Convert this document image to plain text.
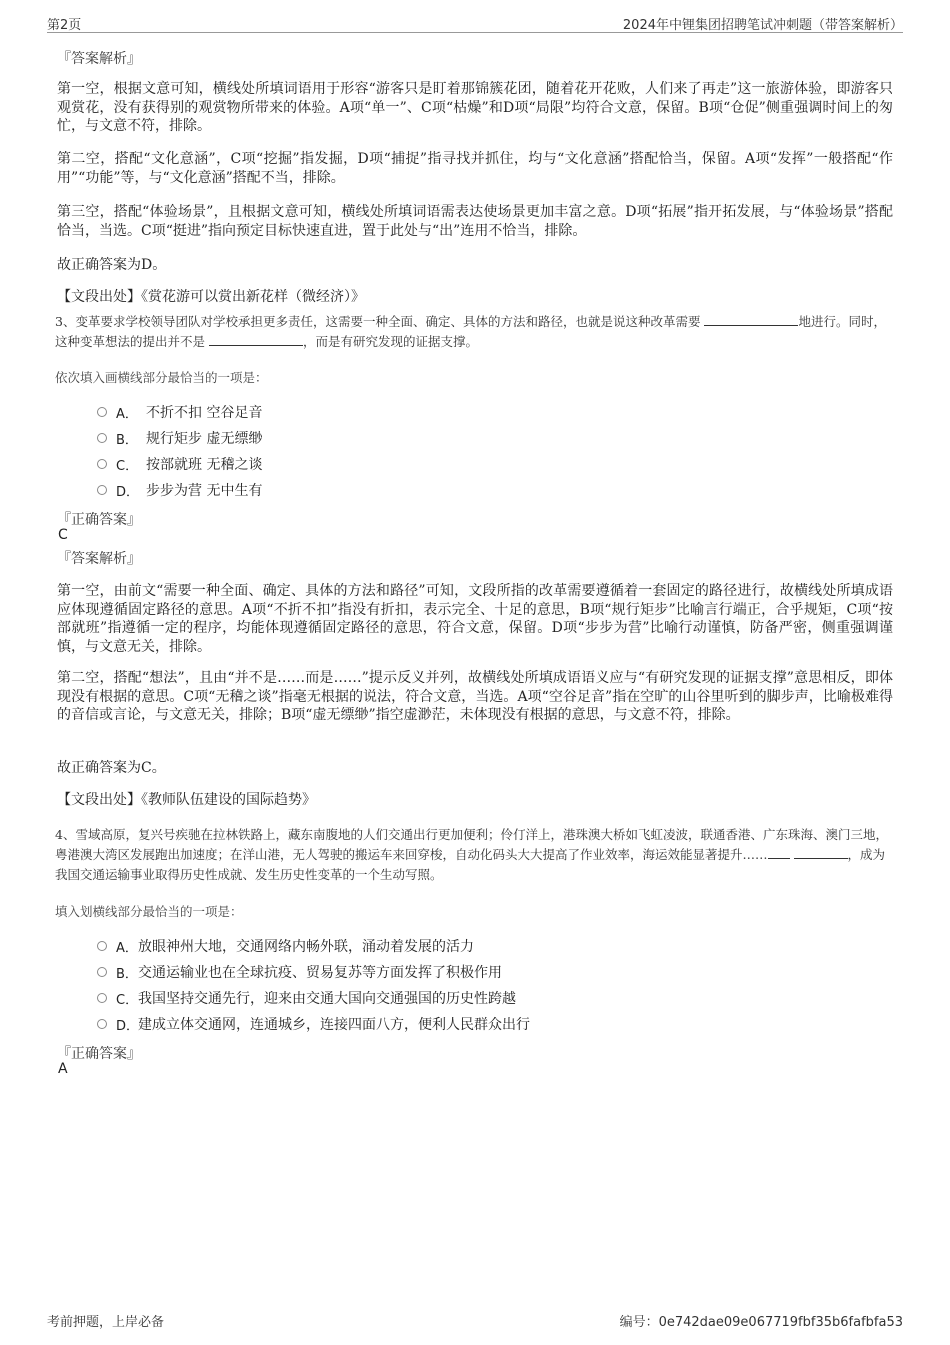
第2页	2024年中锂集团招聘笔试冲刺题（带答案解析）
『答案解析』
第一空，根据文意可知，横线处所填词语用于形容“游客只是盯着那锦簇花团，随着花开花败，人们来了再走”这一旅游体验，即游客只观赏花，没有获得别的观赏物所带来的体验。A项“单一”、C项“枯燥”和D项“局限”均符合文意，保留。B项“仓促”侧重强调时间上的匆忙，与文意不符，排除。
第二空，搭配“文化意涵”，C项“挖掘”指发掘，D项“捕捉”指寻找并抓住，均与“文化意涵”搭配恰当，保留。A项“发挥”一般搭配“作用”“功能”等，与“文化意涵”搭配不当，排除。
第三空，搭配“体验场景”，且根据文意可知，横线处所填词语需表达使场景更加丰富之意。D项“拓展”指开拓发展，与“体验场景”搭配恰当，当选。C项“挺进”指向预定目标快速直进，置于此处与“出”连用不恰当，排除。
故正确答案为D。
【文段出处】《赏花游可以赏出新花样（微经济）》
3、变革要求学校领导团队对学校承担更多责任，这需要一种全面、确定、具体的方法和路径，也就是说这种改革需要	地进行。同时，这种变革想法的提出并不是	，而是有研究发现的证据支撑。
依次填入画横线部分最恰当的一项是：
A． 不折不扣 空谷足音
B． 规行矩步 虚无缥缈
C． 按部就班 无稽之谈
D． 步步为营 无中生有
『正确答案』
C
『答案解析』
第一空，由前文“需要一种全面、确定、具体的方法和路径”可知，文段所指的改革需要遵循着一套固定的路径进行，故横线处所填成语应体现遵循固定路径的意思。A项“不折不扣”指没有折扣，表示完全、十足的意思，B项“规行矩步”比喻言行端正，合乎规矩，C项“按部就班”指遵循一定的程序，均能体现遵循固定路径的意思，符合文意，保留。D项“步步为营”比喻行动谨慎，防备严密，侧重强调谨慎，与文意无关，排除。
第二空，搭配“想法”，且由“并不是……而是……”提示反义并列，故横线处所填成语语义应与“有研究发现的证据支撑”意思相反，即体现没有根据的意思。C项“无稽之谈”指毫无根据的说法，符合文意，当选。A项“空谷足音”指在空旷的山谷里听到的脚步声，比喻极难得的音信或言论，与文意无关，排除；B项“虚无缥缈”指空虚渺茫，未体现没有根据的意思，与文意不符，排除。
故正确答案为C。
【文段出处】《教师队伍建设的国际趋势》
4、雪域高原，复兴号疾驰在拉林铁路上，藏东南腹地的人们交通出行更加便利；伶仃洋上，港珠澳大桥如飞虹凌波，联通香港、广东珠海、澳门三地，粤港澳大湾区发展跑出加速度；在洋山港，无人驾驶的搬运车来回穿梭，自动化码头大大提高了作业效率，海运效能显著提升……	，成为我国交通运输事业取得历史性成就、发生历史性变革的一个生动写照。
填入划横线部分最恰当的一项是：
A． 放眼神州大地，交通网络内畅外联，涌动着发展的活力
B． 交通运输业也在全球抗疫、贸易复苏等方面发挥了积极作用
C． 我国坚持交通先行，迎来由交通大国向交通强国的历史性跨越
D．
建成立体交通网，连通城乡，连接四面八方，便利人民群众出行
『正确答案』
A
考前押题，上岸必备	编号：0e742dae09e067719fbf35b6fafbfa53
